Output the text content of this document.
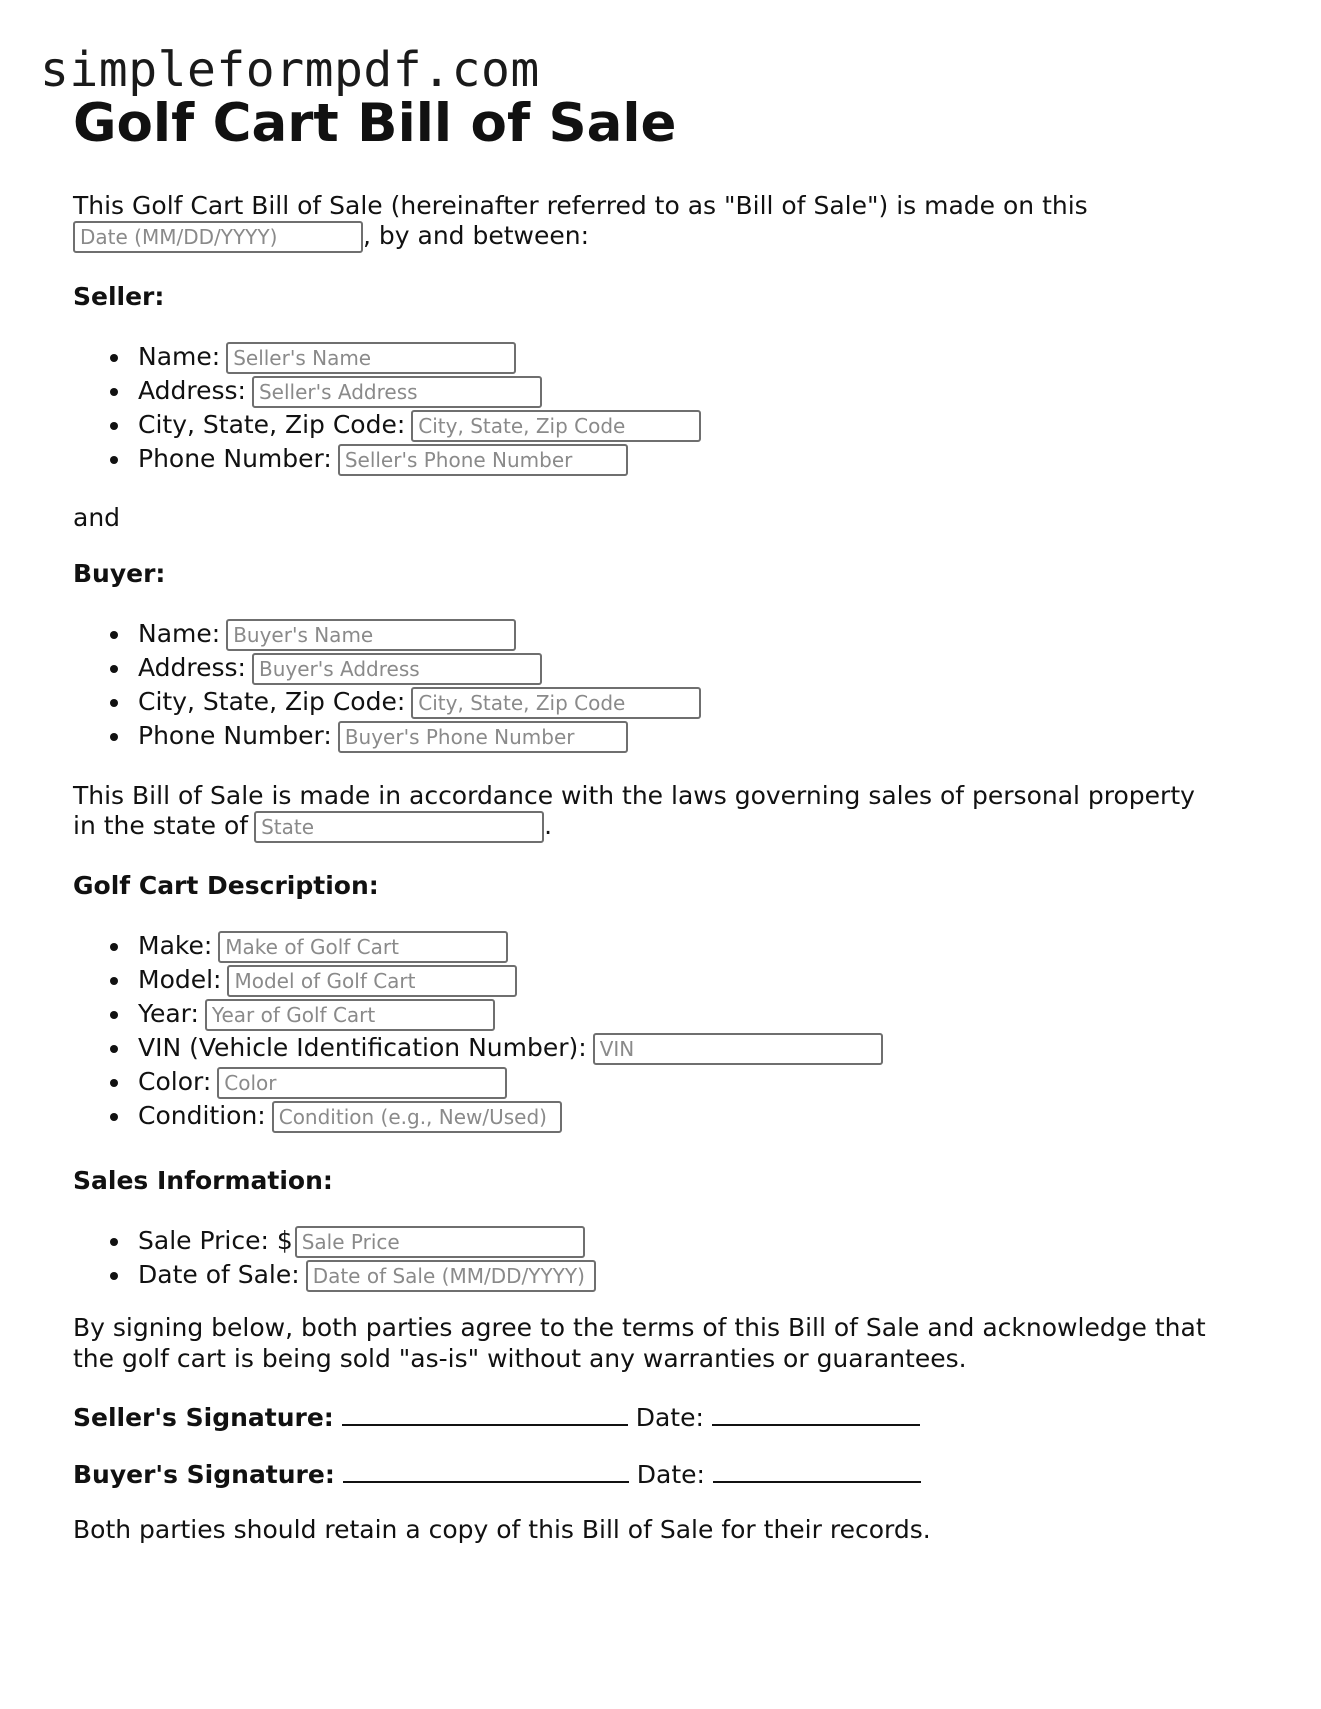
simpleformpdf.com
Golf Cart Bill of Sale

This Golf Cart Bill of Sale (hereinafter referred to as "Bill of Sale") is made on this

Date (MM/DD/YYYY), by and between:

Seller:

Name:Seller's Name
Address:Seller's Address
City, State, Zip Code:City, State, Zip Code
Phone Number:Seller's Phone Number

and

Buyer:

Name:Buyer's Name
Address:Buyer's Address
City, State, Zip Code:City, State, Zip Code
Phone Number:Buyer's Phone Number

This Bill of Sale is made in accordance with the laws governing sales of personal property

in the state ofState	.

Golf Cart Description:

Make:Make of Golf Cart
Model:Model of Golf Cart
Year:Year of Golf Cart
VIN (Vehicle Identification Number):VIN
Color:Color
Condition:Condition (e.g., New/Used)

Sales Information:

Sale Price: $Sale Price
Date of Sale:Date of Sale (MM/DD/YYYY)

By signing below, both parties agree to the terms of this Bill of Sale and acknowledge that

the golf cart is being sold "as-is" without any warranties or guarantees.

Seller's Signature:	Date:

Buyer's Signature:	Date:

Both parties should retain a copy of this Bill of Sale for their records.
